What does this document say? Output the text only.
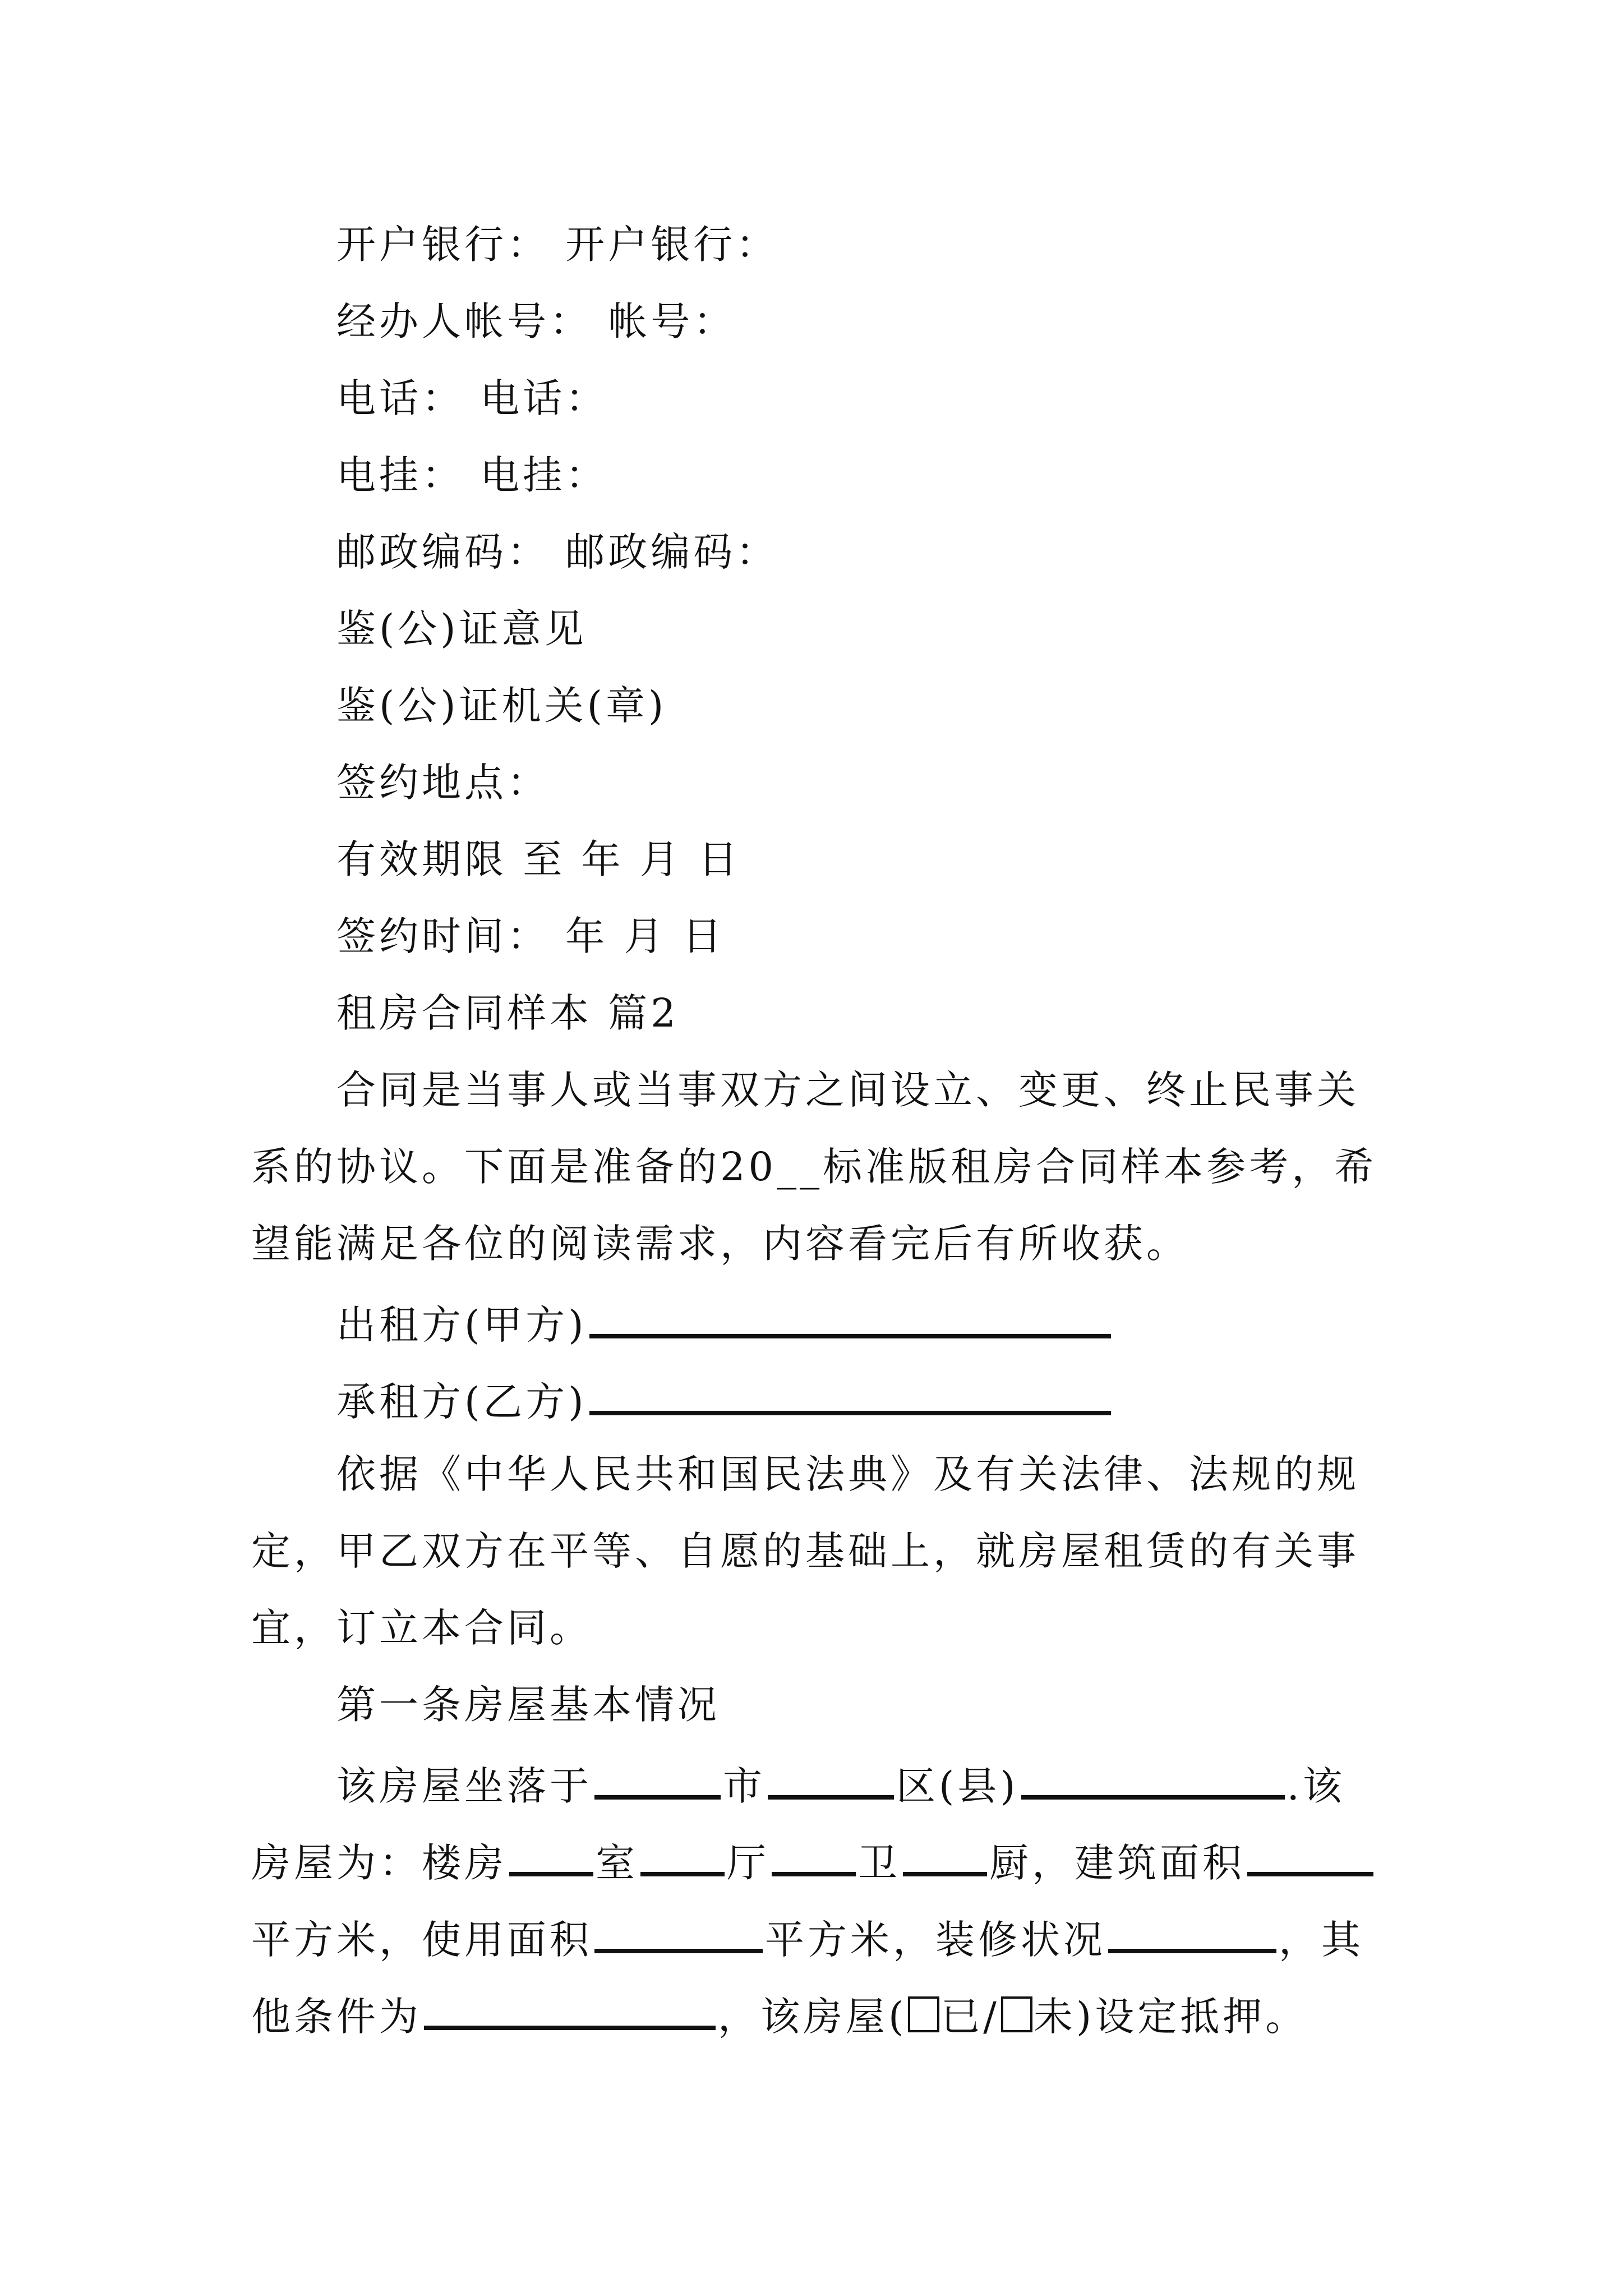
开户银行： 开户银行：
经办人帐号： 帐号：
电话： 电话：
电挂： 电挂：
邮政编码： 邮政编码：
鉴(公)证意见
鉴(公)证机关(章)
签约地点：
有效期限 至 年 月 日
签约时间： 年 月 日
租房合同样本 篇2
合同是当事人或当事双方之间设立、变更、终止民事关
系的协议。下面是准备的20__标准版租房合同样本参考，希
望能满足各位的阅读需求，内容看完后有所收获。
出租方(甲方)
承租方(乙方)
依据《中华人民共和国民法典》及有关法律、法规的规
定，甲乙双方在平等、自愿的基础上，就房屋租赁的有关事
宜，订立本合同。
第一条房屋基本情况
该房屋坐落于	市	区(县)	.该
房屋为：楼房 室 厅 卫 厨，建筑面积
平方米，使用面积	平方米，装修状况	，其
他条件为	，该房屋( 已/ 未)设定抵押。
